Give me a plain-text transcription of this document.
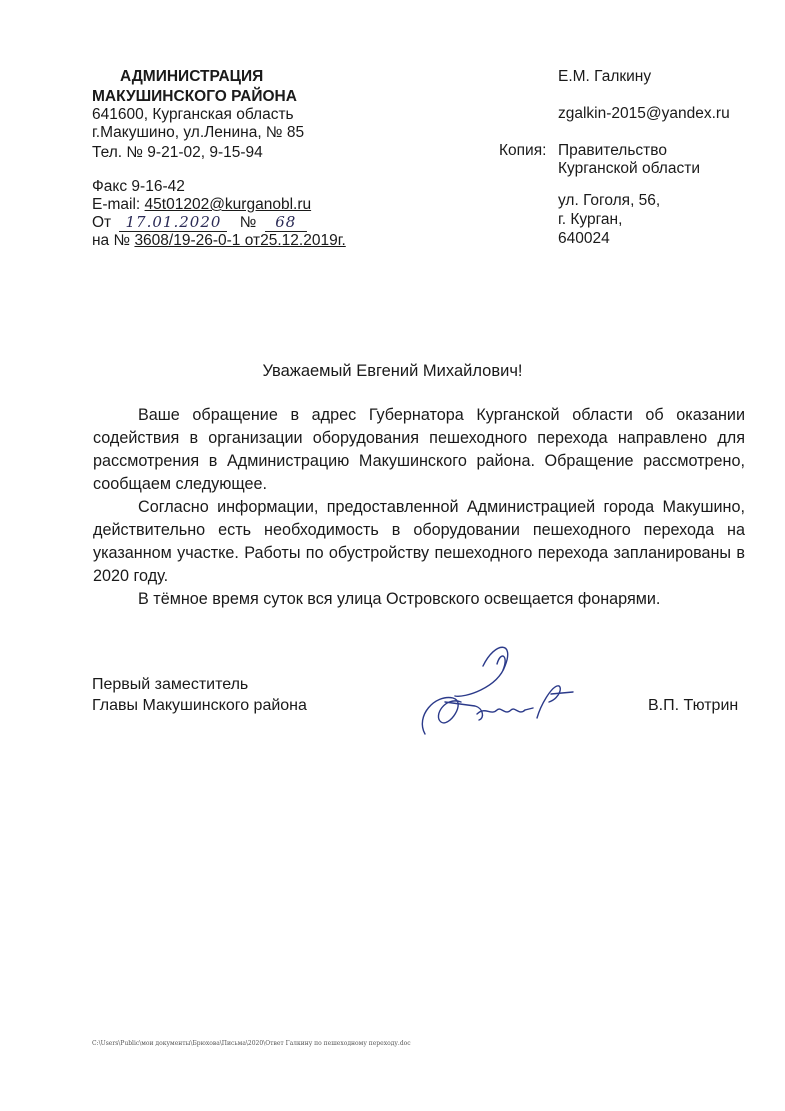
АДМИНИСТРАЦИЯ
МАКУШИНСКОГО РАЙОНА
641600, Курганская область
г.Макушино, ул.Ленина, № 85
Тел. № 9-21-02, 9-15-94
Факс 9-16-42
E-mail: 45t01202@kurganobl.ru
От 17.01.2020 № 68
на № 3608/19-26-0-1 от25.12.2019г.
Е.М. Галкину
zgalkin-2015@yandex.ru
Копия: Правительство
Курганской области
ул. Гоголя, 56,
г. Курган,
640024
Уважаемый Евгений Михайлович!

Ваше обращение в адрес Губернатора Курганской области об оказании содействия в организации оборудования пешеходного перехода направлено для рассмотрения в Администрацию Макушинского района. Обращение рассмотрено, сообщаем следующее.

Согласно информации, предоставленной Администрацией города Макушино, действительно есть необходимость в оборудовании пешеходного перехода на указанном участке. Работы по обустройству пешеходного перехода запланированы в 2020 году.

В тёмное время суток вся улица Островского освещается фонарями.

Первый заместитель
Главы Макушинского района	В.П. Тютрин
C:\Users\Public\мои документы\Брюхова\Письма\2020\Ответ Галкину по пешеходному переходу.doc
